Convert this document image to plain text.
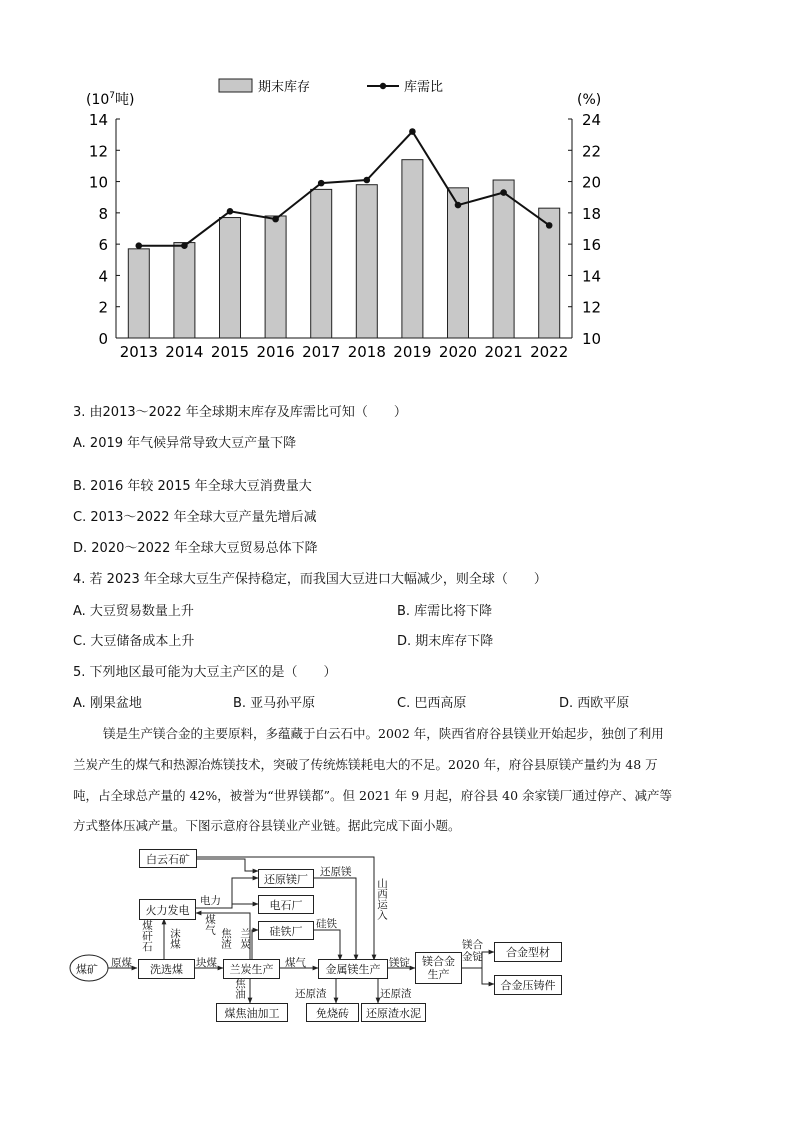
期末库存	库需比
($10^7$吨)	(%)
0
2
4
6
8
10
12
14
10
12
14
16
18
20
22
24
2013 2014 2015 2016 2017 2018 2019 2020 2021 2022
3. 由2013～2022 年全球期末库存及库需比可知（　　）
A. 2019 年气候异常导致大豆产量下降
B. 2016 年较 2015 年全球大豆消费量大
C. 2013～2022 年全球大豆产量先增后减
D. 2020～2022 年全球大豆贸易总体下降
4. 若 2023 年全球大豆生产保持稳定，而我国大豆进口大幅减少，则全球（　　）
A. 大豆贸易数量上升	B. 库需比将下降
C. 大豆储备成本上升	D. 期末库存下降
5. 下列地区最可能为大豆主产区的是（　　）
A. 刚果盆地	B. 亚马孙平原	C. 巴西高原	D. 西欧平原
镁是生产镁合金的主要原料，多蕴藏于白云石中。2002 年，陕西省府谷县镁业开始起步，独创了利用
兰炭产生的煤气和热源冶炼镁技术，突破了传统炼镁耗电大的不足。2020 年，府谷县原镁产量约为 48 万
吨，占全球总产量的 42%，被誉为“世界镁都”。但 2021 年 9 月起，府谷县 40 余家镁厂通过停产、减产等
方式整体压减产量。下图示意府谷县镁业产业链。据此完成下面小题。
煤矿
白云石矿
还原镁厂
电石厂
硅铁厂
火力发电
洗选煤	兰炭生产	金属镁生产
镁合金生产
合金型材
合金压铸件
煤焦油加工	免烧砖	还原渣水泥
还原镁
电力
硅铁
山西运入
煤矸石 沫煤
煤气
焦渣 兰炭
原煤	块煤	煤气	镁锭
镁合金锭
焦油	还原渣	还原渣
